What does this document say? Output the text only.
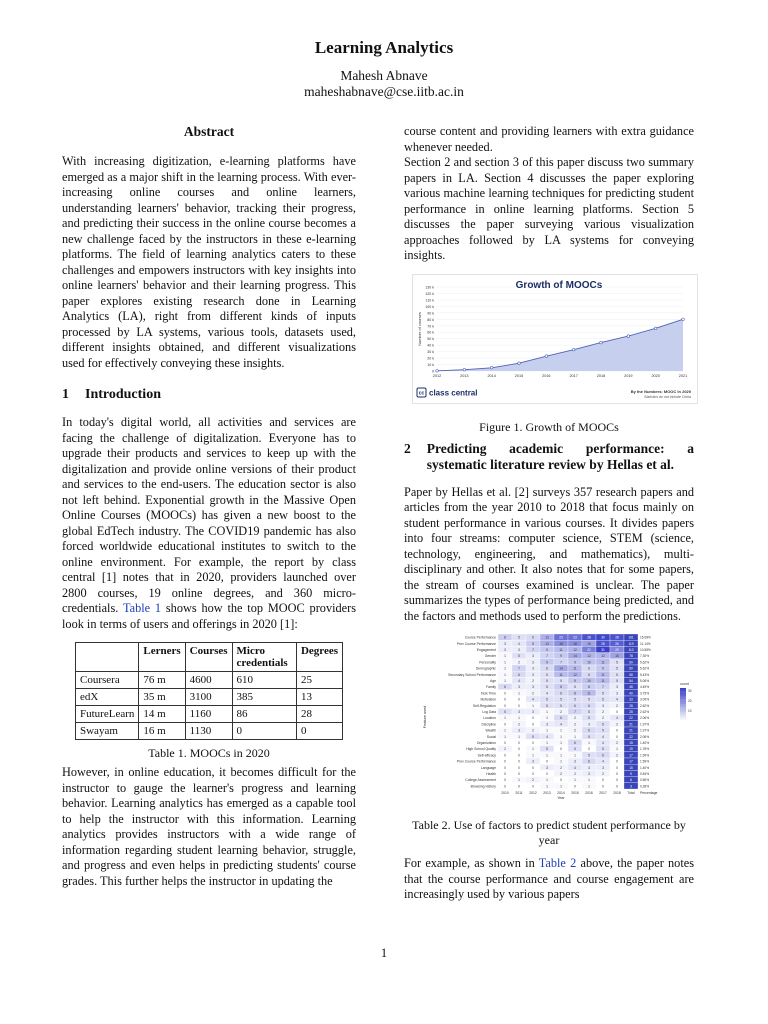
Learning Analytics
Mahesh Abnave
maheshabnave@cse.iitb.ac.in
Abstract

With increasing digitization, e-learning platforms have emerged as a major shift in the learning process. With ever-increasing online courses and online learners, understanding learners' behavior, tracking their progress, and predicting their success in the online course becomes a new challenge faced by the instructors in these e-learning platforms. The field of learning analytics caters to these challenges and empowers instructors with key insights into online learners' behavior and their learning progress. This paper explores existing research done in Learning Analytics (LA), right from different kinds of inputs processed by LA systems, various tools, datasets used, different insights obtained, and different visualizations used for effectively conveying these insights.

1 Introduction

In today's digital world, all activities and services are facing the challenge of digitalization. Everyone has to upgrade their products and services to keep up with the digitalization and provide online versions of their product and services to the end-users. The education sector is also not left behind. Exponential growth in the Massive Open Online Courses (MOOCs) has given a new boost to the global EdTech industry. The COVID19 pandemic has also forced worldwide educational institutes to switch to the online environment. For example, the report by class central [1] notes that in 2020, providers launched over 2800 courses, 19 online degrees, and 360 micro-credentials. Table 1 shows how the top MOOC providers look in terms of users and offerings in 2020 [1]:

	Lerners	Courses	Micro credentials	Degrees
Coursera	76 m	4600	610	25
edX	35 m	3100	385	13
FutureLearn	14 m	1160	86	28
Swayam	16 m	1130	0	0
Table 1. MOOCs in 2020

However, in online education, it becomes difficult for the instructor to gauge the learner's progress and learning behavior. Learning analytics has emerged as a capable tool to help the instructor with this information. Learning analytics provides instructors with a wide range of information regarding student learning behavior, struggle, and progress and even helps in predicting students' course grades. This further helps the instructor in updating the

course content and providing learners with extra guidance whenever needed.

Section 2 and section 3 of this paper discuss two summary papers in LA. Section 4 discusses the paper exploring various machine learning techniques for predicting student performance in online learning platforms. Section 5 discusses the paper surveying various visualization approaches followed by LA systems for conveying insights.

0
10 k
20 k
30 k
40 k
50 k
60 k
70 k
80 k
90 k
100 k
110 k
120 k
130 k
Number of courses
2012	2013	2014	2015	2016	2017	2018	2019	2020	2021
Growth of MOOCs
cc class central	By the Numbers: MOOC in 2020
Statistics do not include China
Figure 1. Growth of MOOCs
2 Predicting academic performance: a systematic literature review by Hellas et al.

Paper by Hellas et al. [2] surveys 357 research papers and articles from the year 2010 to 2018 that focus mainly on student performance in various courses. It divides papers into four streams: computer science, STEM (science, technology, engineering, and mathematics), multi-disciplinary and other. It also notes that for some papers, the stream of courses examined is unclear. The paper summarizes the types of performance being predicted, and the factors and methods used to perform the predictions.

Course Performance	8	5	6	13	23	23	28	30	28	161 15.08%
Prev Course Performance	3	4	8	13	18	18	15	28	26	119 11.14%
Engagement	3	3	7	9	11	12	21	31	20	113 10.58%
Gender	1	5	3	7	9	14	12	12	15	78 7.30%
Personality	1	2	3	9	7	9	10	11	5	60 5.62%
Demographic	1	7	3	6	14	11	6	9	5	60 5.62%
Secondary School Performance	1	6	3	5	11	12	6	11	5	58 5.43%
Age	1	4	2	5	5	9	10	11	5	54 5.06%
Family	6	3	3	5	8	5	8	7	3	48 4.49%
Task Time	0	1	2	4	6	8	11	5	3	40 3.75%
Motivation	0	0	4	5	5	5	5	5	4	33 3.09%
Self-Regulation	0	0	1	5	5	6	6	3	2	28 2.62%
Log Data	5	3	3	1	2	7	5	2	0	28 2.62%
Location	1	1	0	1	6	2	5	2	4	22 2.06%
Discipline	0	2	0	3	4	2	3	5	2	21 1.97%
Wealth	1	3	2	1	1	2	6	5	0	21 1.97%
Social	1	1	5	4	1	1	5	4	0	22 2.06%
Organization	0	0	0	1	1	6	1	4	2	15 1.40%
High School Quality	2	0	1	5	0	5	0	5	1	19 1.78%
Self-efficacy	0	0	1	1	1	1	5	6	2	17 1.59%
Prev Course Performance	0	0	3	0	1	3	6	4	0	17 1.59%
Language	0	0	0	3	2	4	3	3	0	15 1.40%
Health	0	0	0	0	2	2	3	2	0	9	0.84%
College Assessment	0	1	2	1	0	1	1	0	0	6	0.56%
Browsing History	0	0	0	1	1	0	1	0	0	3	0.28%
2010 2011 2012 2013 2014 2015 2016 2017 2018 Total Percentage
Year
Feature used
count
30
20
10
Table 2. Use of factors to predict student performance by year

For example, as shown in Table 2 above, the paper notes that the course performance and course engagement are increasingly used by various papers

1
